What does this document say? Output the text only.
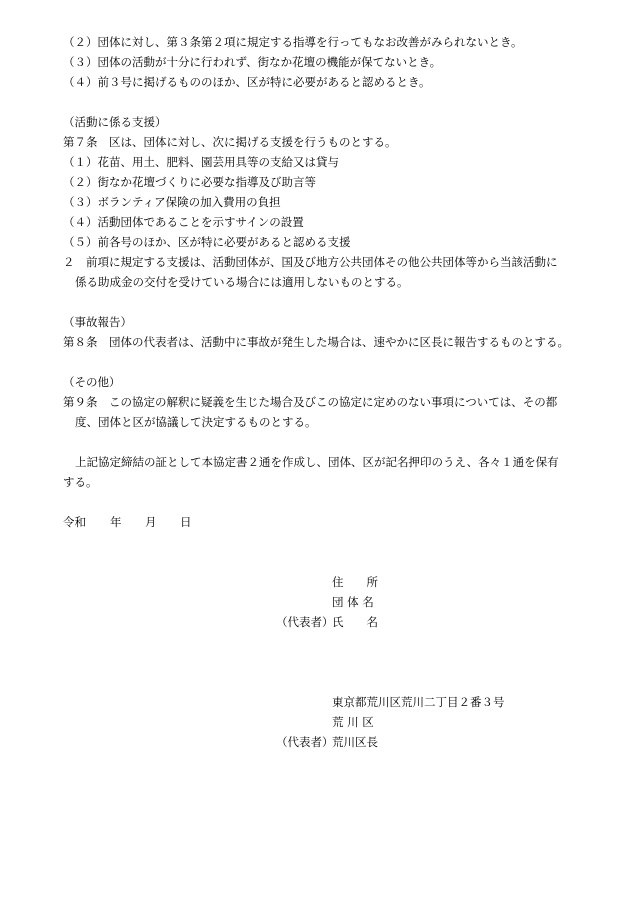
（２）団体に対し、第３条第２項に規定する指導を行ってもなお改善がみられないとき。
（３）団体の活動が十分に行われず、街なか花壇の機能が保てないとき。
（４）前３号に掲げるもののほか、区が特に必要があると認めるとき。
（活動に係る支援）
第７条　区は、団体に対し、次に掲げる支援を行うものとする。
（１）花苗、用土、肥料、園芸用具等の支給又は貸与
（２）街なか花壇づくりに必要な指導及び助言等
（３）ボランティア保険の加入費用の負担
（４）活動団体であることを示すサインの設置
（５）前各号のほか、区が特に必要があると認める支援
２　前項に規定する支援は、活動団体が、国及び地方公共団体その他公共団体等から当該活動に
係る助成金の交付を受けている場合には適用しないものとする。
（事故報告）
第８条　団体の代表者は、活動中に事故が発生した場合は、速やかに区長に報告するものとする。
（その他）
第９条　この協定の解釈に疑義を生じた場合及びこの協定に定めのない事項については、その都
度、団体と区が協議して決定するものとする。
上記協定締結の証として本協定書２通を作成し、団体、区が記名押印のうえ、各々１通を保有
する。
令和 年 月 日
住　　所
団 体 名
（代表者）
氏　　名
東京都荒川区荒川二丁目２番３号
荒 川 区
（代表者）
荒川区長
